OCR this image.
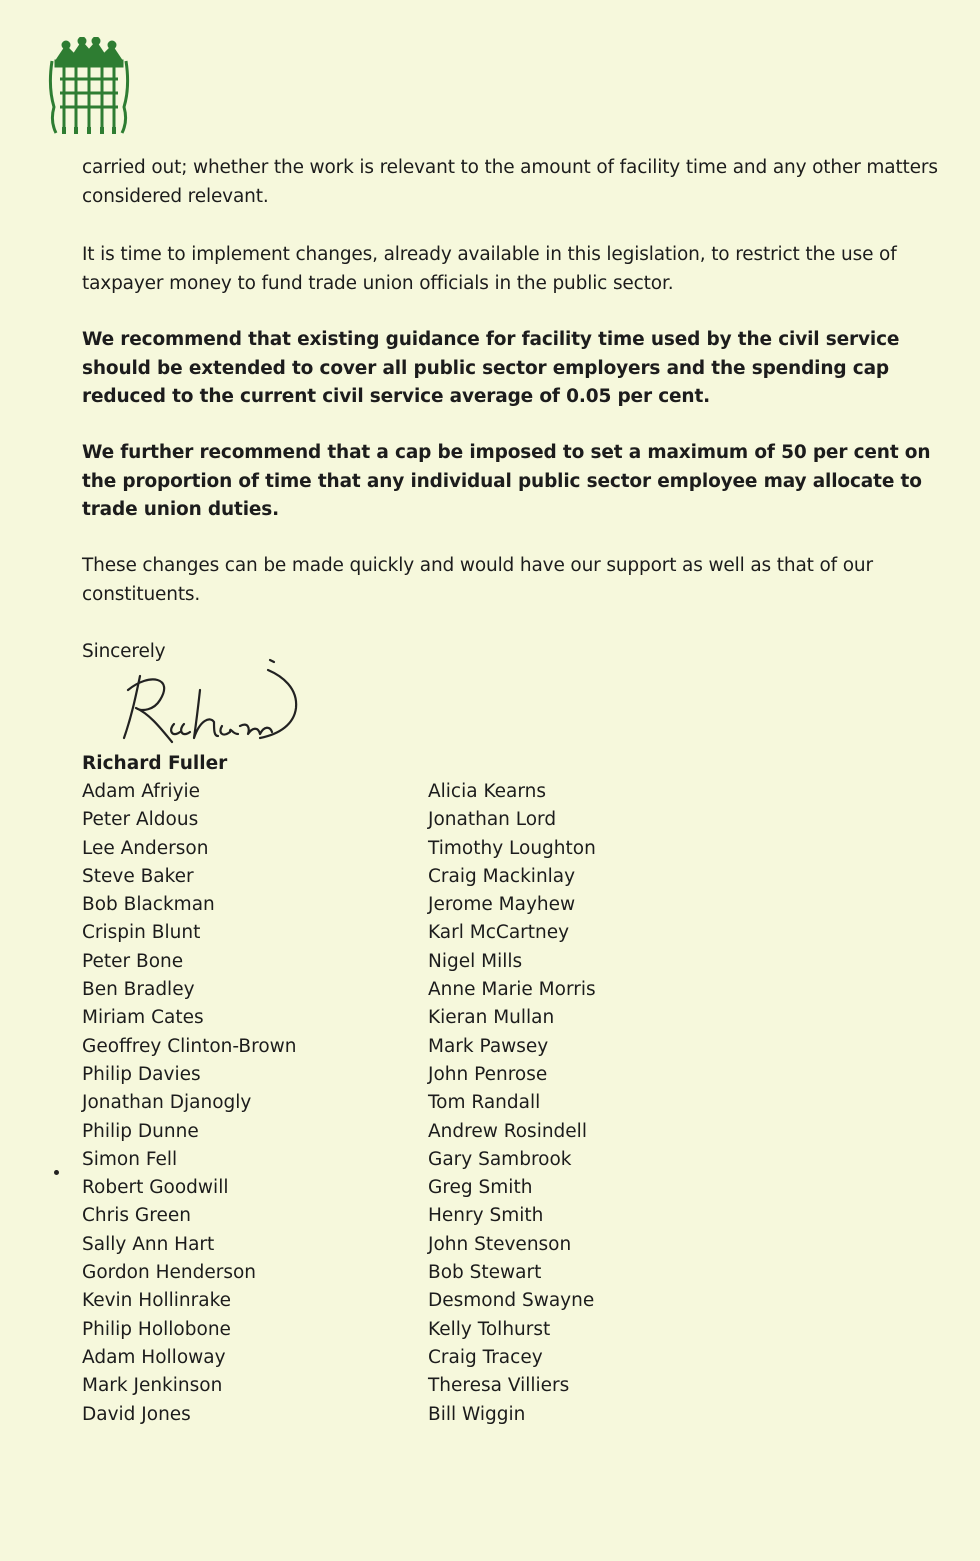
carried out; whether the work is relevant to the amount of facility time and any other matters considered relevant.
It is time to implement changes, already available in this legislation, to restrict the use of taxpayer money to fund trade union officials in the public sector.
We recommend that existing guidance for facility time used by the civil service should be extended to cover all public sector employers and the spending cap reduced to the current civil service average of 0.05 per cent.
We further recommend that a cap be imposed to set a maximum of 50 per cent on the proportion of time that any individual public sector employee may allocate to trade union duties.
These changes can be made quickly and would have our support as well as that of our constituents.
Sincerely
Richard Fuller
Adam Afriyie
Peter Aldous
Lee Anderson
Steve Baker
Bob Blackman
Crispin Blunt
Peter Bone
Ben Bradley
Miriam Cates
Geoffrey Clinton-Brown
Philip Davies
Jonathan Djanogly
Philip Dunne
Simon Fell
Robert Goodwill
Chris Green
Sally Ann Hart
Gordon Henderson
Kevin Hollinrake
Philip Hollobone
Adam Holloway
Mark Jenkinson
David Jones
Alicia Kearns
Jonathan Lord
Timothy Loughton
Craig Mackinlay
Jerome Mayhew
Karl McCartney
Nigel Mills
Anne Marie Morris
Kieran Mullan
Mark Pawsey
John Penrose
Tom Randall
Andrew Rosindell
Gary Sambrook
Greg Smith
Henry Smith
John Stevenson
Bob Stewart
Desmond Swayne
Kelly Tolhurst
Craig Tracey
Theresa Villiers
Bill Wiggin
